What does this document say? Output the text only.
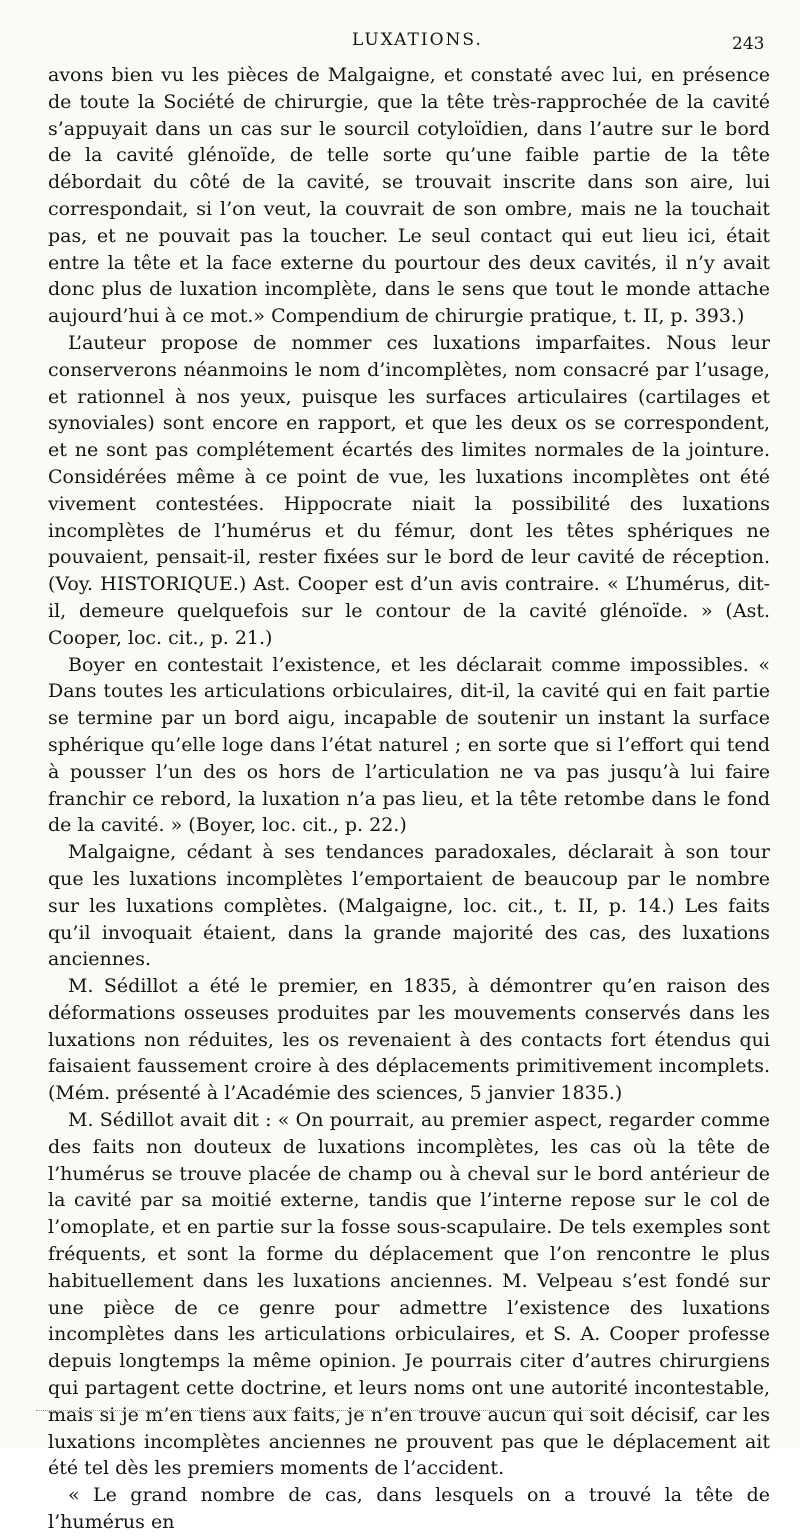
LUXATIONS.	243

avons bien vu les pièces de Malgaigne, et constaté avec lui, en présence de toute la Société de chirurgie, que la tête très-rapprochée de la cavité s’appuyait dans un cas sur le sourcil cotyloïdien, dans l’autre sur le bord de la cavité glénoïde, de telle sorte qu’une faible partie de la tête débordait du côté de la cavité, se trouvait inscrite dans son aire, lui correspondait, si l’on veut, la couvrait de son ombre, mais ne la touchait pas, et ne pouvait pas la toucher. Le seul contact qui eut lieu ici, était entre la tête et la face externe du pourtour des deux cavités, il n’y avait donc plus de luxation incomplète, dans le sens que tout le monde attache aujourd’hui à ce mot.» Compendium de chirurgie pratique, t. II, p. 393.)

L’auteur propose de nommer ces luxations imparfaites. Nous leur conserverons néanmoins le nom d’incomplètes, nom consacré par l’usage, et rationnel à nos yeux, puisque les surfaces articulaires (cartilages et synoviales) sont encore en rapport, et que les deux os se correspondent, et ne sont pas complétement écartés des limites normales de la jointure. Considérées même à ce point de vue, les luxations incomplètes ont été vivement contestées. Hippocrate niait la possibilité des luxations incomplètes de l’humérus et du fémur, dont les têtes sphériques ne pouvaient, pensait-il, rester fixées sur le bord de leur cavité de réception. (Voy. HISTORIQUE.) Ast. Cooper est d’un avis contraire. « L’humérus, dit-il, demeure quelquefois sur le contour de la cavité glénoïde. » (Ast. Cooper, loc. cit., p. 21.)

Boyer en contestait l’existence, et les déclarait comme impossibles. « Dans toutes les articulations orbiculaires, dit-il, la cavité qui en fait partie se termine par un bord aigu, incapable de soutenir un instant la surface sphérique qu’elle loge dans l’état naturel ; en sorte que si l’effort qui tend à pousser l’un des os hors de l’articulation ne va pas jusqu’à lui faire franchir ce rebord, la luxation n’a pas lieu, et la tête retombe dans le fond de la cavité. » (Boyer, loc. cit., p. 22.)

Malgaigne, cédant à ses tendances paradoxales, déclarait à son tour que les luxations incomplètes l’emportaient de beaucoup par le nombre sur les luxations complètes. (Malgaigne, loc. cit., t. II, p. 14.) Les faits qu’il invoquait étaient, dans la grande majorité des cas, des luxations anciennes.

M. Sédillot a été le premier, en 1835, à démontrer qu’en raison des déformations osseuses produites par les mouvements conservés dans les luxations non réduites, les os revenaient à des contacts fort étendus qui faisaient faussement croire à des déplacements primitivement incomplets. (Mém. présenté à l’Académie des sciences, 5 janvier 1835.)

M. Sédillot avait dit : « On pourrait, au premier aspect, regarder comme des faits non douteux de luxations incomplètes, les cas où la tête de l’humérus se trouve placée de champ ou à cheval sur le bord antérieur de la cavité par sa moitié externe, tandis que l’interne repose sur le col de l’omoplate, et en partie sur la fosse sous-scapulaire. De tels exemples sont fréquents, et sont la forme du déplacement que l’on rencontre le plus habituellement dans les luxations anciennes. M. Velpeau s’est fondé sur une pièce de ce genre pour admettre l’existence des luxations incomplètes dans les articulations orbiculaires, et S. A. Cooper professe depuis longtemps la même opinion. Je pourrais citer d’autres chirurgiens qui partagent cette doctrine, et leurs noms ont une autorité incontestable, mais si je m’en tiens aux faits, je n’en trouve aucun qui soit décisif, car les luxations incomplètes anciennes ne prouvent pas que le déplacement ait été tel dès les premiers moments de l’accident.

« Le grand nombre de cas, dans lesquels on a trouvé la tête de l’humérus en
